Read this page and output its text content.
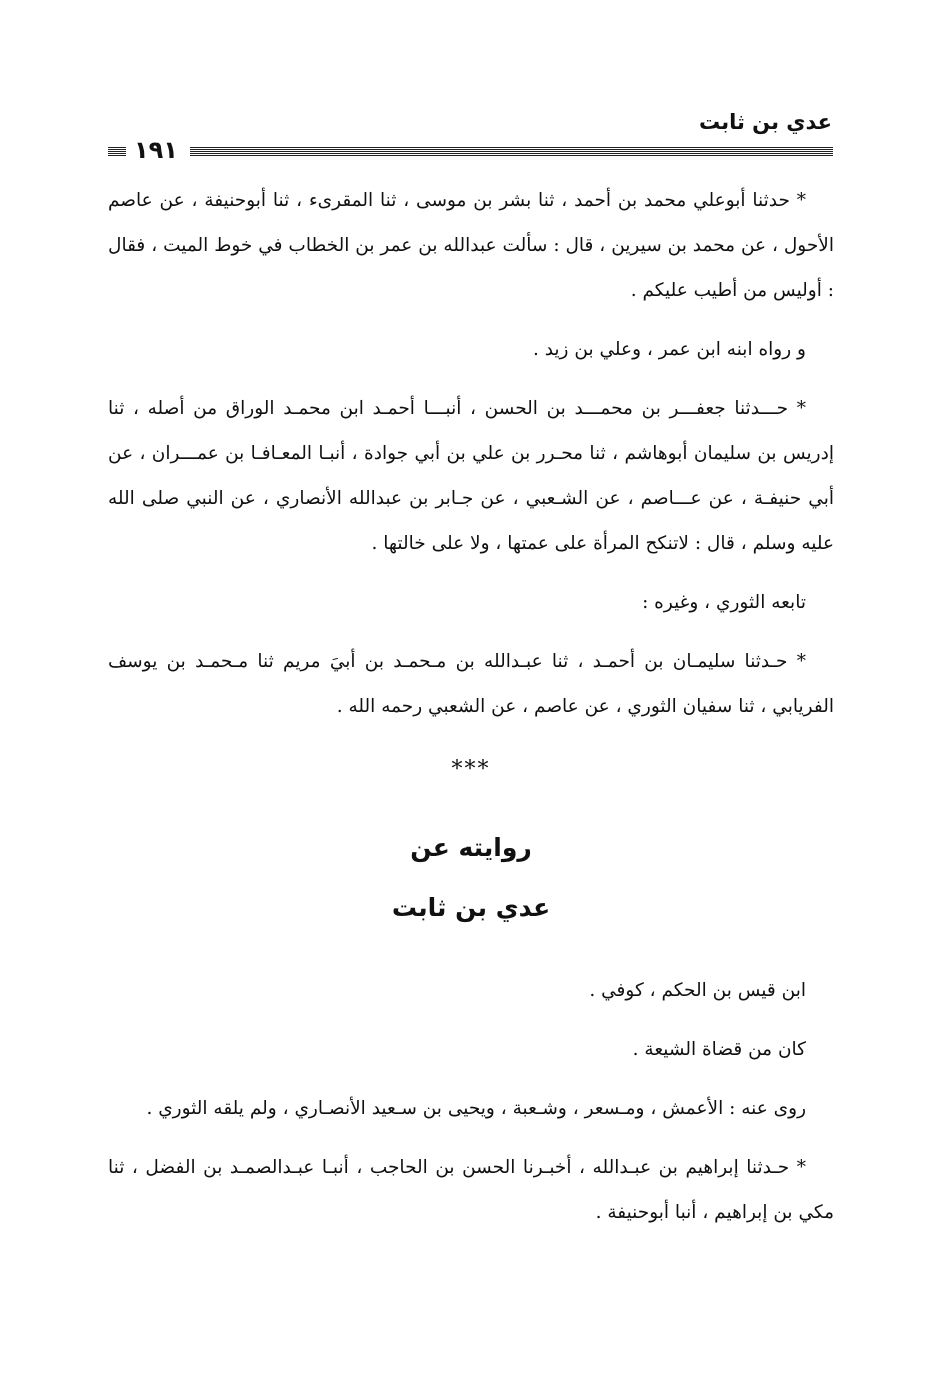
عدي بن ثابت
١٩١

* حدثنا أبوعلي محمد بن أحمد ، ثنا بشر بن موسى ، ثنا المقرىء ، ثنا أبوحنيفة ، عن عاصم الأحول ، عن محمد بن سيرين ، قال : سألت عبدالله بن عمر بن الخطاب في خوط الميت ، فقال : أوليس من أطيب عليكم .

و رواه ابنه ابن عمر ، وعلي بن زيد .

* حـــدثنا جعفـــر بن محمـــد بن الحسن ، أنبـــا أحمـد ابن محمـد الوراق من أصله ، ثنا إدريس بن سليمان أبوهاشم ، ثنا محـرر بن علي بن أبي جوادة ، أنبـا المعـافـا بن عمـــران ، عن أبي حنيفـة ، عن عـــاصم ، عن الشـعبي ، عن جـابر بن عبدالله الأنصاري ، عن النبي صلى الله عليه وسلم ، قال : لاتنكح المرأة على عمتها ، ولا على خالتها .

تابعه الثوري ، وغيره :

* حـدثنا سليمـان بن أحمـد ، ثنا عبـدالله بن مـحمـد بن أبيَ مريم ثنا مـحمـد بن يوسف الفريابي ، ثنا سفيان الثوري ، عن عاصم ، عن الشعبي رحمه الله .

***
روايته عن
عدي بن ثابت

ابن قيس بن الحكم ، كوفي .

كان من قضاة الشيعة .

روى عنه : الأعمش ، ومـسعر ، وشـعبة ، ويحيى بن سـعيد الأنصـاري ، ولم يلقه الثوري .

* حـدثنا إبراهيم بن عبـدالله ، أخبـرنا الحسن بن الحاجب ، أنبـا عبـدالصمـد بن الفضل ، ثنا مكي بن إبراهيم ، أنبا أبوحنيفة .
